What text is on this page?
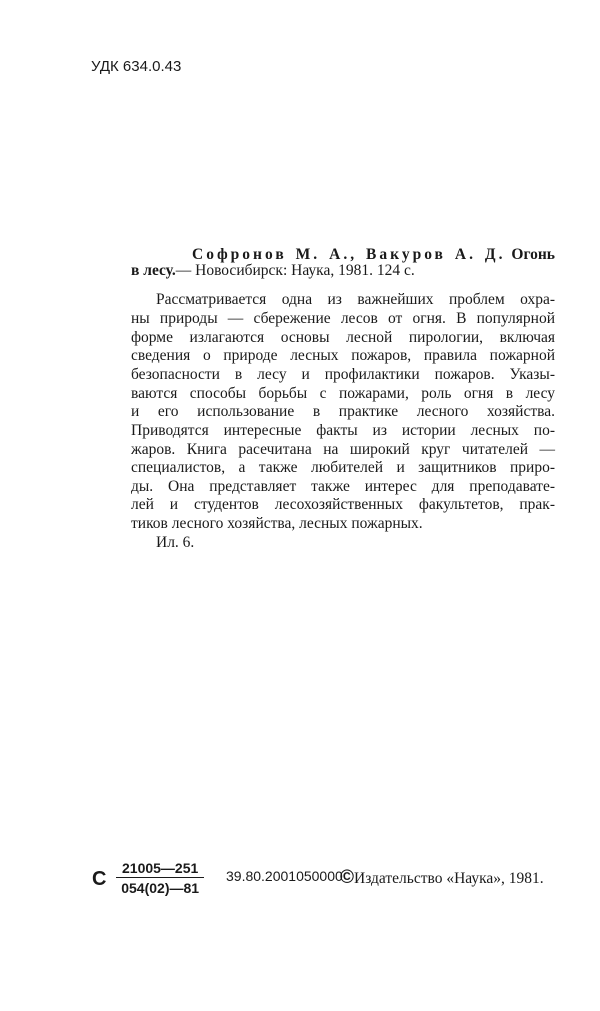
УДК 634.0.43
Софронов М. А., Вакуров А. Д. Огонь
в лесу.— Новосибирск: Наука, 1981. 124 с.
Рассматривается одна из важнейших проблем охра-
ны природы — сбережение лесов от огня. В популярной
форме излагаются основы лесной пирологии, включая
сведения о природе лесных пожаров, правила пожарной
безопасности в лесу и профилактики пожаров. Указы-
ваются способы борьбы с пожарами, роль огня в лесу
и его использование в практике лесного хозяйства.
Приводятся интересные факты из истории лесных по-
жаров. Книга расечитана на широкий круг читателей —
специалистов, а также любителей и защитников приро-
ды. Она представляет также интерес для преподавате-
лей и студентов лесохозяйственных факультетов, прак-
тиков лесного хозяйства, лесных пожарных.
Ил. 6.
С $\frac{21005—251}{054(02)—81} 39.80.2001050000$
©Издательство «Наука», 1981.
